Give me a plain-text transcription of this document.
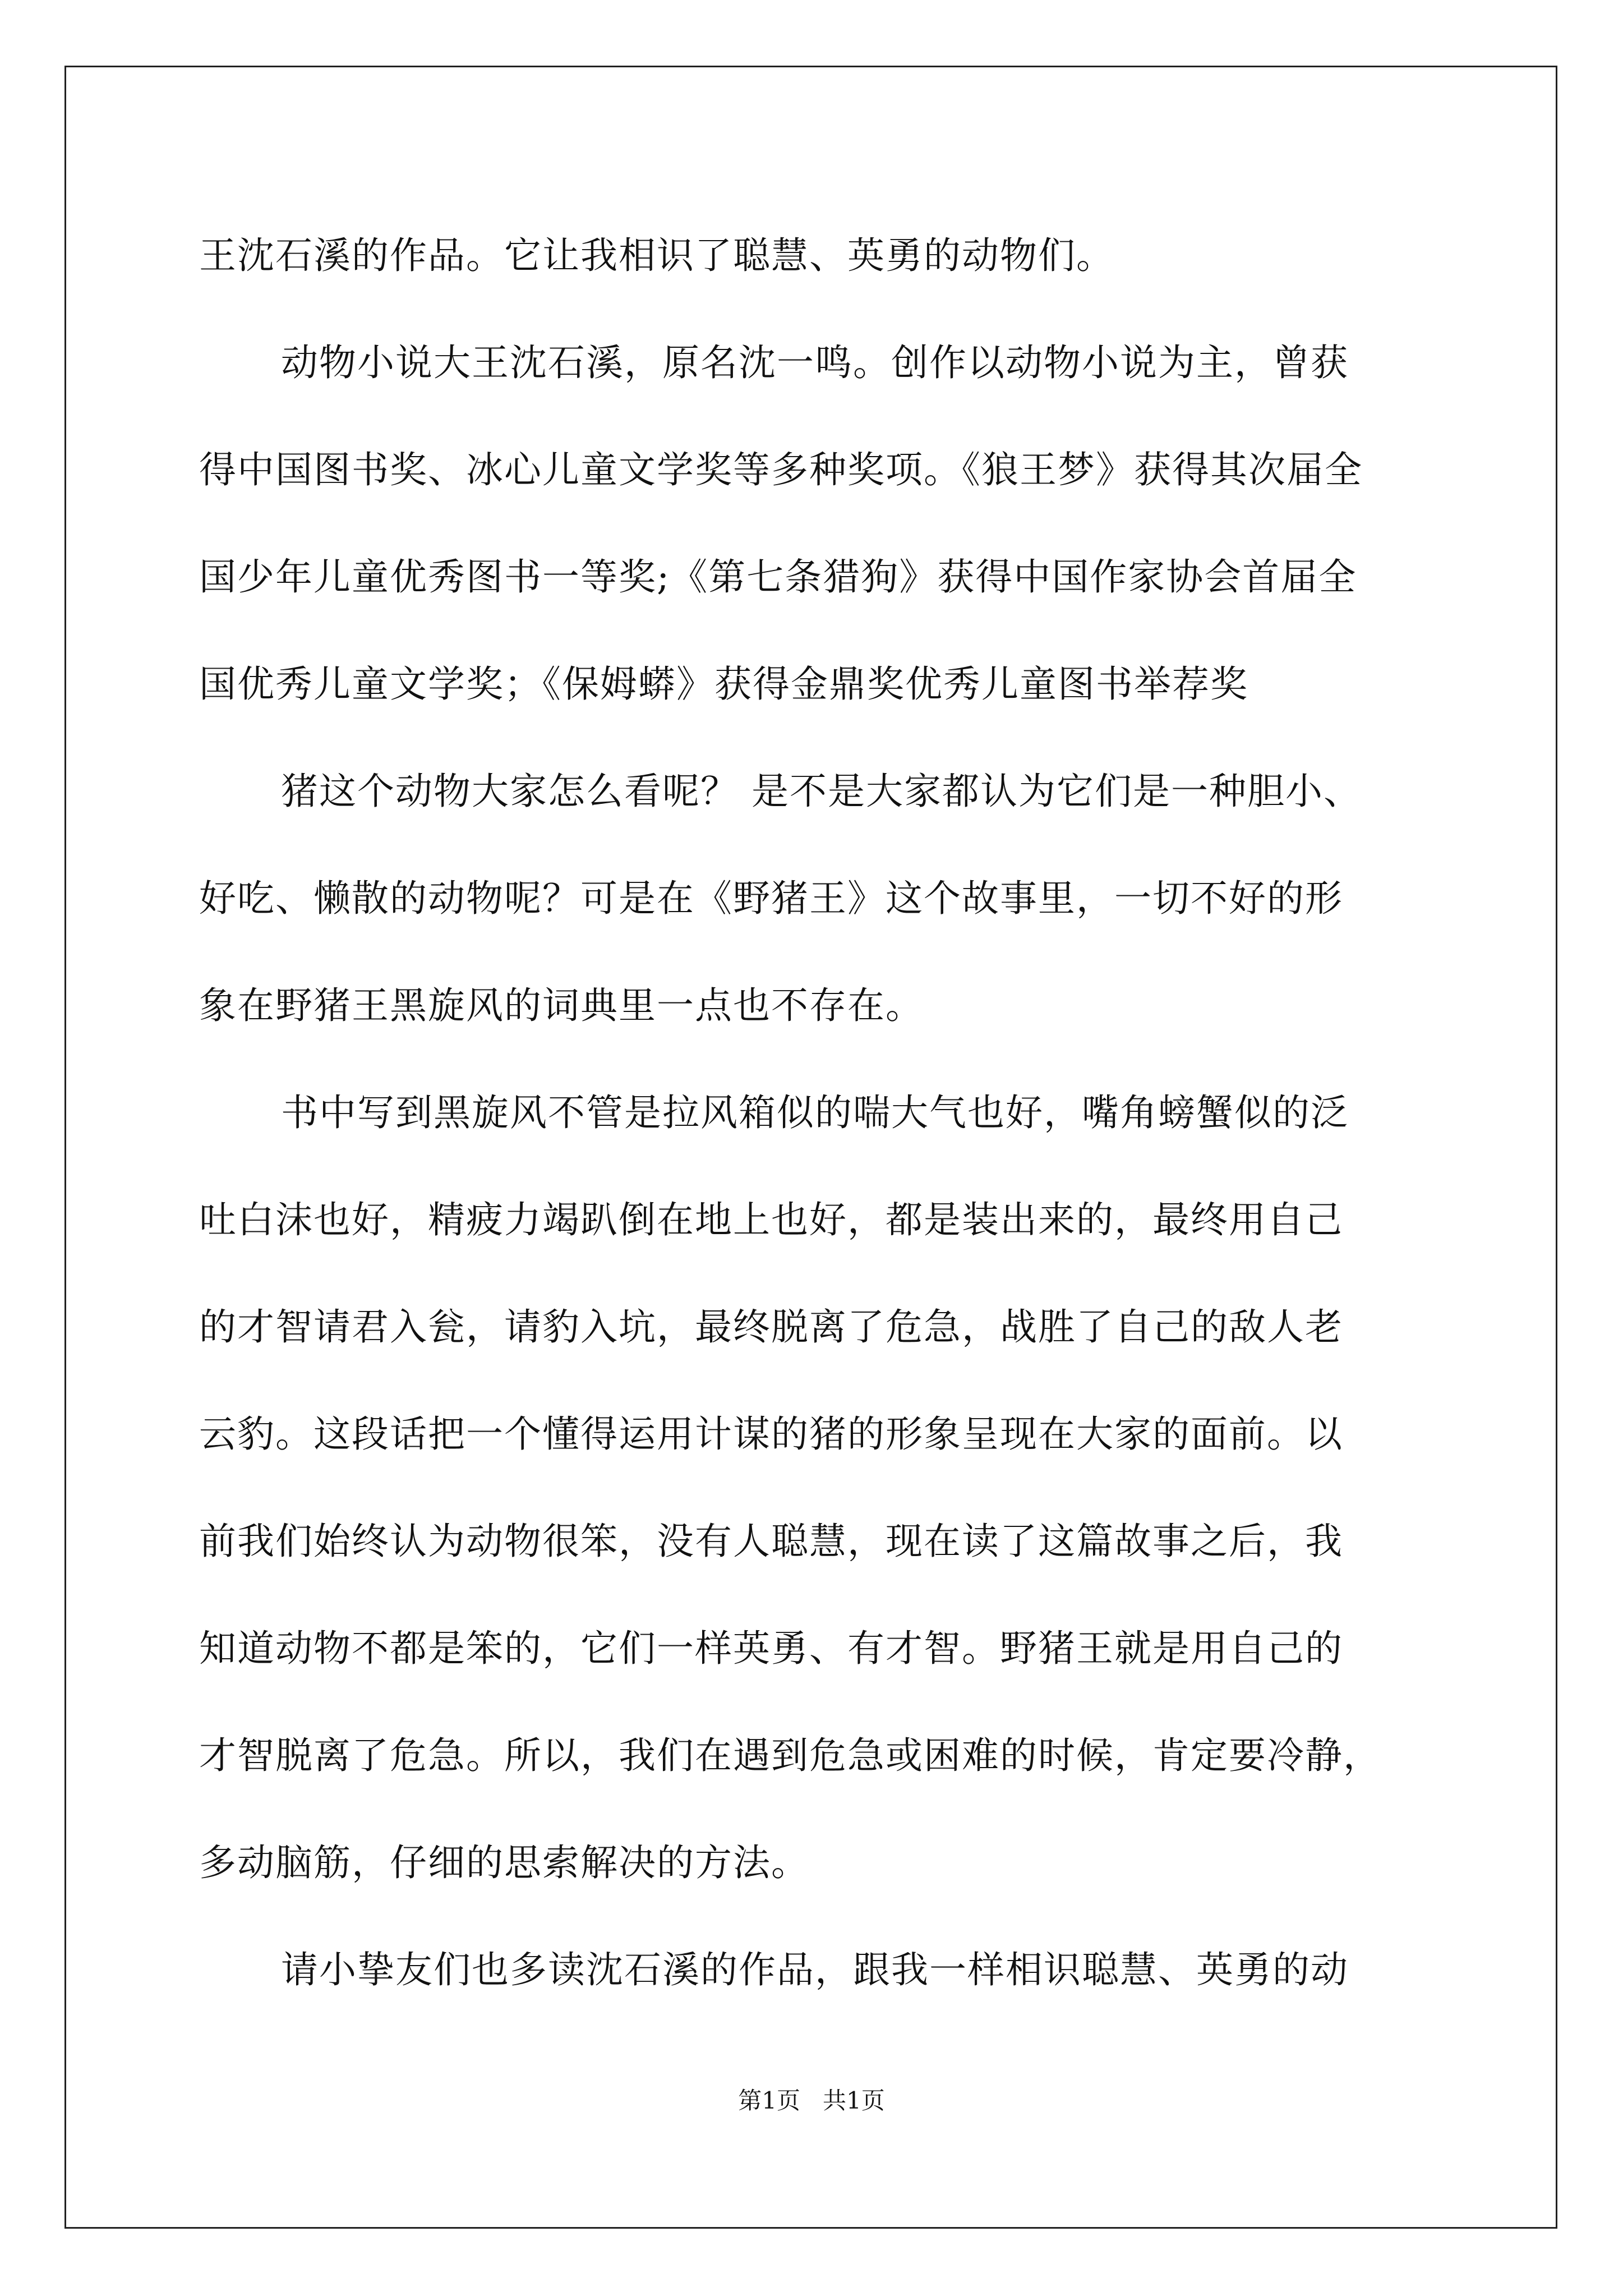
王沈石溪的作品。它让我相识了聪慧、英勇的动物们。
动物小说大王沈石溪，原名沈一鸣。创作以动物小说为主，曾获
得中国图书奖、冰心儿童文学奖等多种奖项。《狼王梦》获得其次届全
国少年儿童优秀图书一等奖;《第七条猎狗》获得中国作家协会首届全
国优秀儿童文学奖；《保姆蟒》获得金鼎奖优秀儿童图书举荐奖
猪这个动物大家怎么看呢？ 是不是大家都认为它们是一种胆小、
好吃、懒散的动物呢？可是在《野猪王》这个故事里，一切不好的形
象在野猪王黑旋风的词典里一点也不存在。
书中写到黑旋风不管是拉风箱似的喘大气也好，嘴角螃蟹似的泛
吐白沫也好，精疲力竭趴倒在地上也好，都是装出来的，最终用自己
的才智请君入瓮，请豹入坑，最终脱离了危急，战胜了自己的敌人老
云豹。这段话把一个懂得运用计谋的猪的形象呈现在大家的面前。以
前我们始终认为动物很笨，没有人聪慧，现在读了这篇故事之后，我
知道动物不都是笨的，它们一样英勇、有才智。野猪王就是用自己的
才智脱离了危急。所以，我们在遇到危急或困难的时候，肯定要冷静，
多动脑筋，仔细的思索解决的方法。
请小挚友们也多读沈石溪的作品，跟我一样相识聪慧、英勇的动
第1页   共1页
